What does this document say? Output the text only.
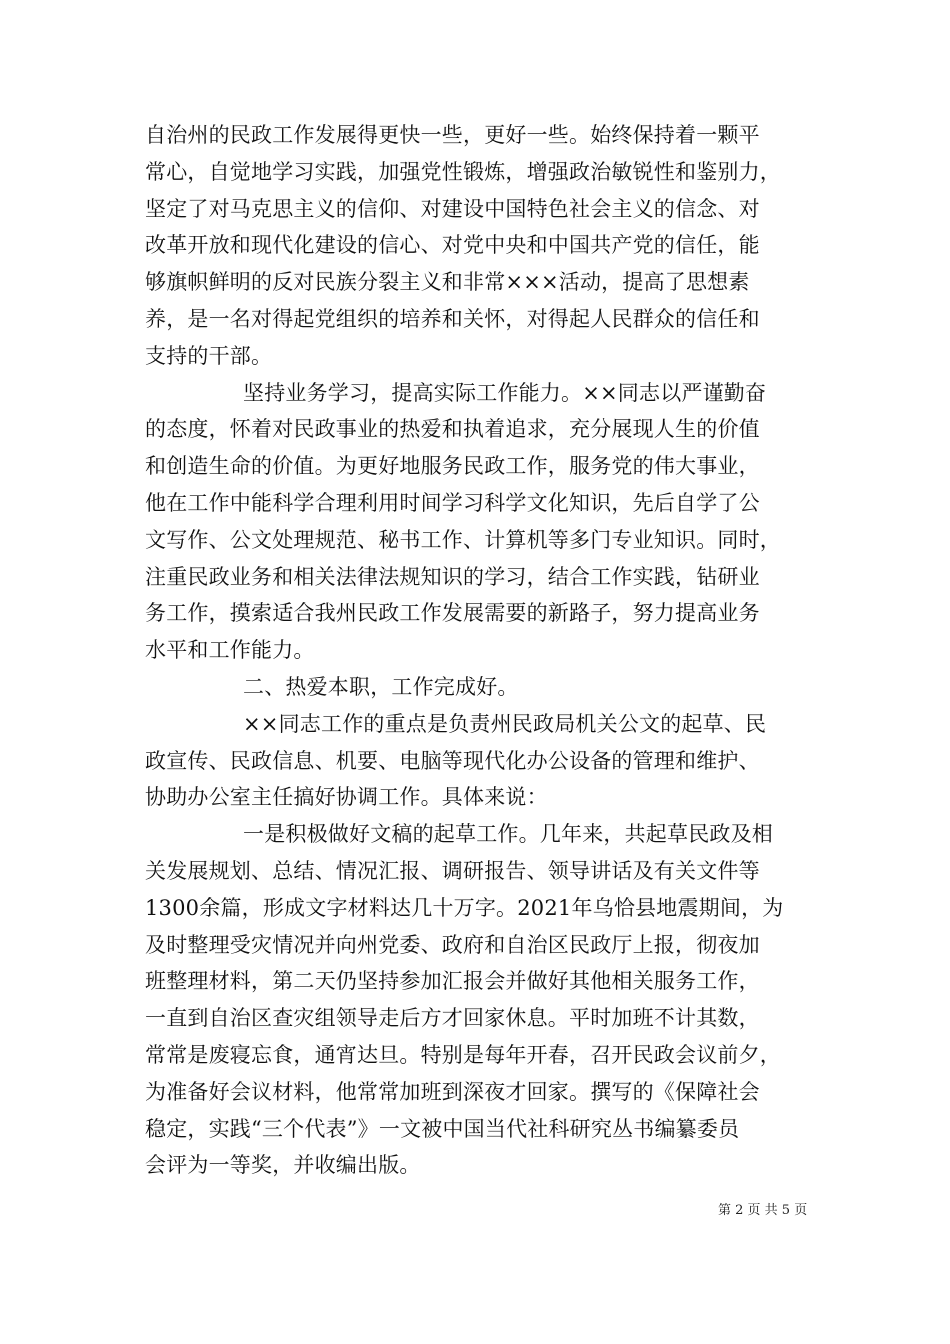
自治州的民政工作发展得更快一些，更好一些。始终保持着一颗平
常心，自觉地学习实践，加强党性锻炼，增强政治敏锐性和鉴别力，
坚定了对马克思主义的信仰、对建设中国特色社会主义的信念、对
改革开放和现代化建设的信心、对党中央和中国共产党的信任，能
够旗帜鲜明的反对民族分裂主义和非常×××活动，提高了思想素
养，是一名对得起党组织的培养和关怀，对得起人民群众的信任和
支持的干部。
坚持业务学习，提高实际工作能力。××同志以严谨勤奋
的态度，怀着对民政事业的热爱和执着追求，充分展现人生的价值
和创造生命的价值。为更好地服务民政工作，服务党的伟大事业，
他在工作中能科学合理利用时间学习科学文化知识，先后自学了公
文写作、公文处理规范、秘书工作、计算机等多门专业知识。同时，
注重民政业务和相关法律法规知识的学习，结合工作实践，钻研业
务工作，摸索适合我州民政工作发展需要的新路子，努力提高业务
水平和工作能力。
二、热爱本职，工作完成好。
××同志工作的重点是负责州民政局机关公文的起草、民
政宣传、民政信息、机要、电脑等现代化办公设备的管理和维护、
协助办公室主任搞好协调工作。具体来说：
一是积极做好文稿的起草工作。几年来，共起草民政及相
关发展规划、总结、情况汇报、调研报告、领导讲话及有关文件等
1300余篇，形成文字材料达几十万字。2021年乌恰县地震期间，为
及时整理受灾情况并向州党委、政府和自治区民政厅上报，彻夜加
班整理材料，第二天仍坚持参加汇报会并做好其他相关服务工作，
一直到自治区查灾组领导走后方才回家休息。平时加班不计其数，
常常是废寝忘食，通宵达旦。特别是每年开春，召开民政会议前夕，
为准备好会议材料，他常常加班到深夜才回家。撰写的《保障社会
稳定，实践“三个代表”》一文被中国当代社科研究丛书编纂委员
会评为一等奖，并收编出版。
第 2 页 共 5 页
